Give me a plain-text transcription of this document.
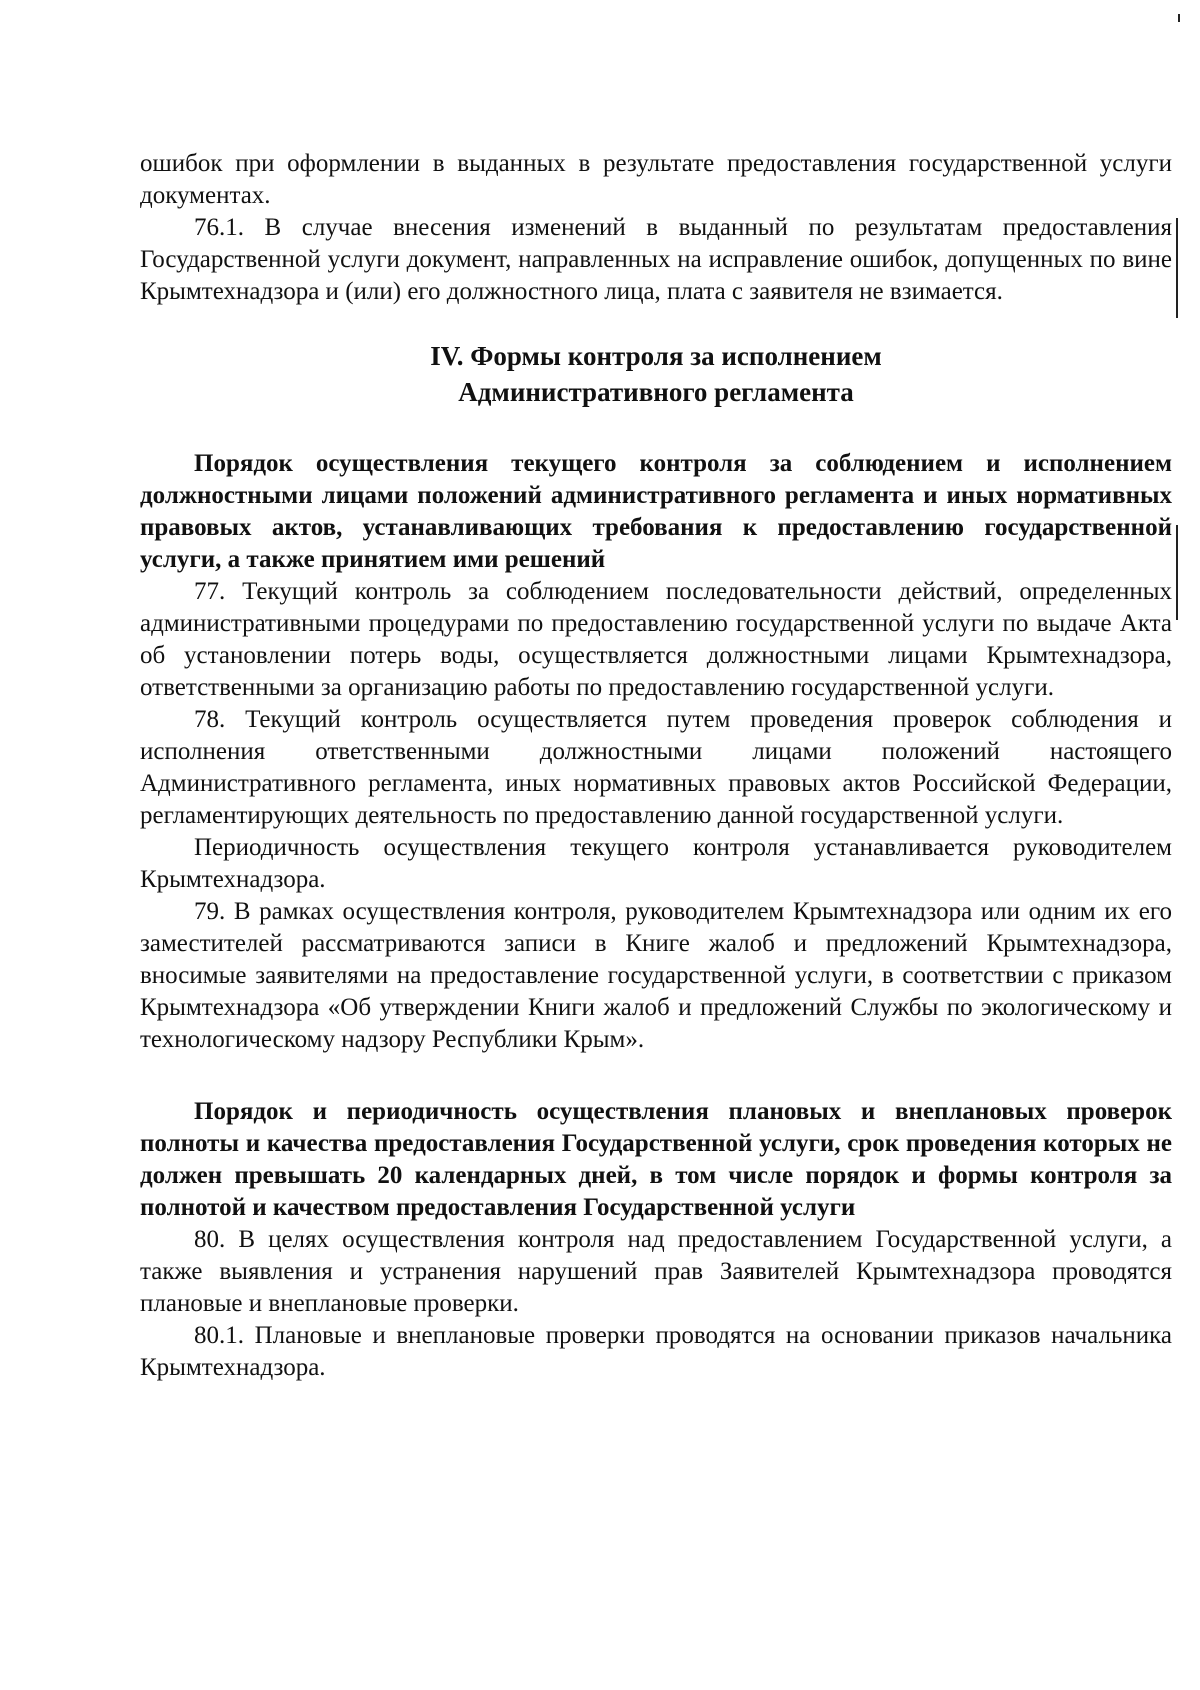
ошибок при оформлении в выданных в результате предоставления государственной услуги документах.

76.1. В случае внесения изменений в выданный по результатам предоставления Государственной услуги документ, направленных на исправление ошибок, допущенных по вине Крымтехнадзора и (или) его должностного лица, плата с заявителя не взимается.

IV. Формы контроля за исполнением
Административного регламента

Порядок осуществления текущего контроля за соблюдением и исполнением должностными лицами положений административного регламента и иных нормативных правовых актов, устанавливающих требования к предоставлению государственной услуги, а также принятием ими решений

77. Текущий контроль за соблюдением последовательности действий, определенных административными процедурами по предоставлению государственной услуги по выдаче Акта об установлении потерь воды, осуществляется должностными лицами Крымтехнадзора, ответственными за организацию работы по предоставлению государственной услуги.

78. Текущий контроль осуществляется путем проведения проверок соблюдения и исполнения ответственными должностными лицами положений настоящего Административного регламента, иных нормативных правовых актов Российской Федерации, регламентирующих деятельность по предоставлению данной государственной услуги.

Периодичность осуществления текущего контроля устанавливается руководителем Крымтехнадзора.

79. В рамках осуществления контроля, руководителем Крымтехнадзора или одним их его заместителей рассматриваются записи в Книге жалоб и предложений Крымтехнадзора, вносимые заявителями на предоставление государственной услуги, в соответствии с приказом Крымтехнадзора «Об утверждении Книги жалоб и предложений Службы по экологическому и технологическому надзору Республики Крым».

Порядок и периодичность осуществления плановых и внеплановых проверок полноты и качества предоставления Государственной услуги, срок проведения которых не должен превышать 20 календарных дней, в том числе порядок и формы контроля за полнотой и качеством предоставления Государственной услуги

80. В целях осуществления контроля над предоставлением Государственной услуги, а также выявления и устранения нарушений прав Заявителей Крымтехнадзора проводятся плановые и внеплановые проверки.

80.1. Плановые и внеплановые проверки проводятся на основании приказов начальника Крымтехнадзора.
